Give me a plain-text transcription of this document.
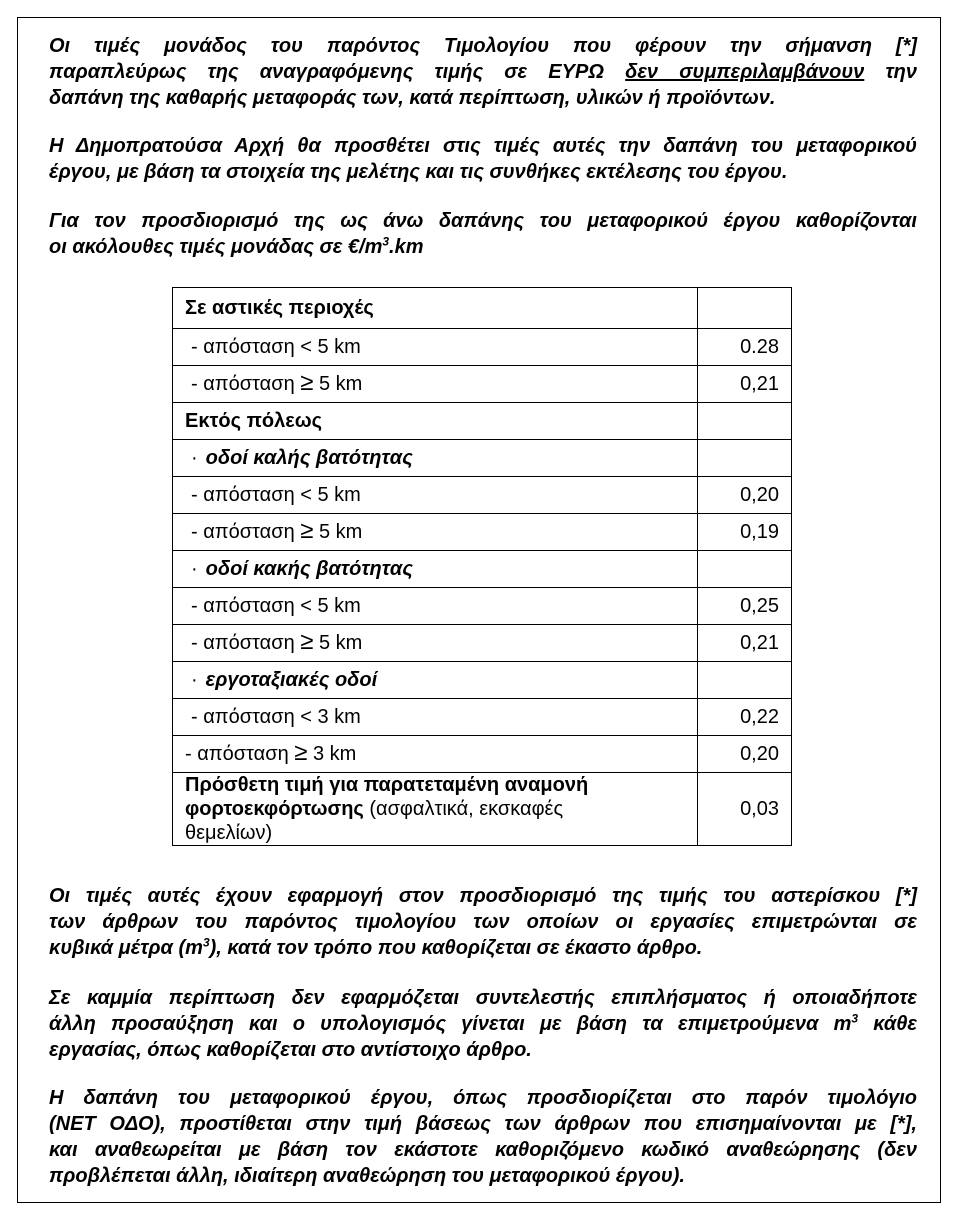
Οι τιμές μονάδος του παρόντος Τιμολογίου που φέρουν την σήμανση [*]
παραπλεύρως της αναγραφόμενης τιμής σε ΕΥΡΩ δεν συμπεριλαμβάνουν την
δαπάνη της καθαρής μεταφοράς των, κατά περίπτωση, υλικών ή προϊόντων.
Η Δημοπρατούσα Αρχή θα προσθέτει στις τιμές αυτές την δαπάνη του μεταφορικού
έργου, με βάση τα στοιχεία της μελέτης και τις συνθήκες εκτέλεσης του έργου.
Για τον προσδιορισμό της ως άνω δαπάνης του μεταφορικού έργου καθορίζονται
οι ακόλουθες τιμές μονάδας σε $€/m^3.km$
Σε αστικές περιοχές	
- απόσταση < 5 km	0.28
- απόσταση ≥ 5 km	0,21
Εκτός πόλεως	
· οδοί καλής βατότητας	
- απόσταση < 5 km	0,20
- απόσταση ≥ 5 km	0,19
· οδοί κακής βατότητας	
- απόσταση < 5 km	0,25
- απόσταση ≥ 5 km	0,21
· εργοταξιακές οδοί	
- απόσταση < 3 km	0,22
- απόσταση ≥ 3 km	0,20
Πρόσθετη τιμή για παρατεταμένη αναμονή
φορτοεκφόρτωσης (ασφαλτικά, εκσκαφές
θεμελίων)	0,03
Οι τιμές αυτές έχουν εφαρμογή στον προσδιορισμό της τιμής του αστερίσκου [*]
των άρθρων του παρόντος τιμολογίου των οποίων οι εργασίες επιμετρώνται σε
κυβικά μέτρα $(m^3)$, κατά τον τρόπο που καθορίζεται σε έκαστο άρθρο.
Σε καμμία περίπτωση δεν εφαρμόζεται συντελεστής επιπλήσματος ή οποιαδήποτε
άλλη προσαύξηση και ο υπολογισμός γίνεται με βάση τα επιμετρούμενα $m^3$ κάθε
εργασίας, όπως καθορίζεται στο αντίστοιχο άρθρο.
Η δαπάνη του μεταφορικού έργου, όπως προσδιορίζεται στο παρόν τιμολόγιο
(ΝΕΤ ΟΔΟ), προστίθεται στην τιμή βάσεως των άρθρων που επισημαίνονται με [*],
και αναθεωρείται με βάση τον εκάστοτε καθοριζόμενο κωδικό αναθεώρησης (δεν
προβλέπεται άλλη, ιδιαίτερη αναθεώρηση του μεταφορικού έργου).
